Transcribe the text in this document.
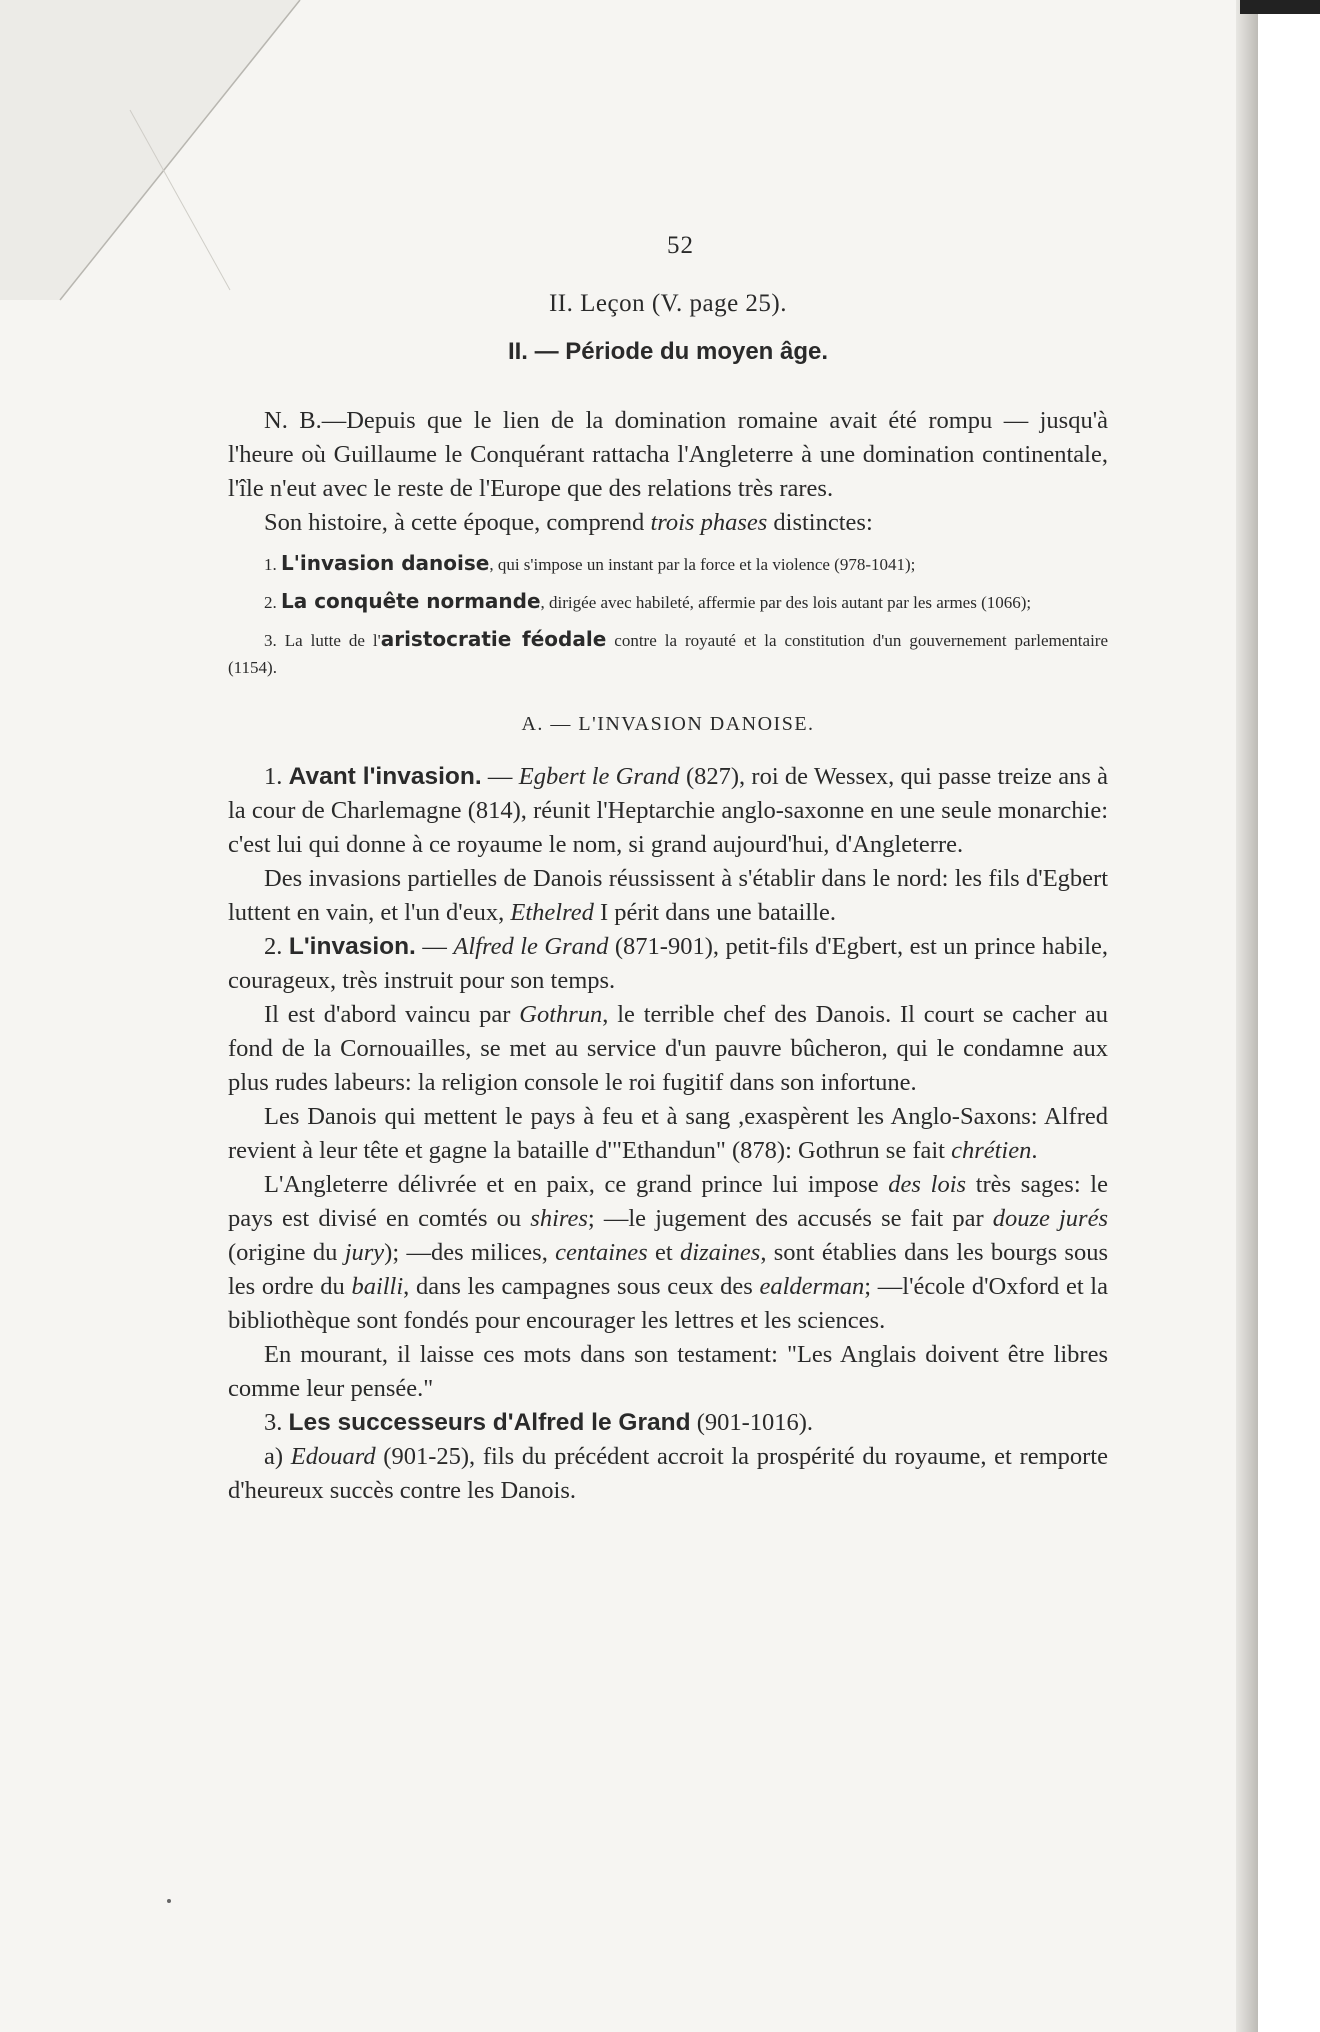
52
II. Leçon (V. page 25).
II. — Période du moyen âge.

N. B.—Depuis que le lien de la domination romaine avait été rompu — jusqu'à l'heure où Guillaume le Conquérant rattacha l'Angleterre à une domination continentale, l'île n'eut avec le reste de l'Europe que des relations très rares.

Son histoire, à cette époque, comprend trois phases distinctes:

1. L'invasion danoise, qui s'impose un instant par la force et la violence (978-1041);
2. La conquête normande, dirigée avec habileté, affermie par des lois autant par les armes (1066);
3. La lutte de l'aristocratie féodale contre la royauté et la constitution d'un gouvernement parlementaire (1154).
A. — L'INVASION DANOISE.

1. Avant l'invasion. — Egbert le Grand (827), roi de Wessex, qui passe treize ans à la cour de Charlemagne (814), réunit l'Heptarchie anglo-saxonne en une seule monarchie: c'est lui qui donne à ce royaume le nom, si grand aujourd'hui, d'Angleterre.

Des invasions partielles de Danois réussissent à s'établir dans le nord: les fils d'Egbert luttent en vain, et l'un d'eux, Ethelred I périt dans une bataille.

2. L'invasion. — Alfred le Grand (871-901), petit-fils d'Egbert, est un prince habile, courageux, très instruit pour son temps.

Il est d'abord vaincu par Gothrun, le terrible chef des Danois. Il court se cacher au fond de la Cornouailles, se met au service d'un pauvre bûcheron, qui le condamne aux plus rudes labeurs: la religion console le roi fugitif dans son infortune.

Les Danois qui mettent le pays à feu et à sang ,exaspèrent les Anglo-Saxons: Alfred revient à leur tête et gagne la bataille d'"Ethandun" (878): Gothrun se fait chrétien.

L'Angleterre délivrée et en paix, ce grand prince lui impose des lois très sages: le pays est divisé en comtés ou shires; —le jugement des accusés se fait par douze jurés (origine du jury); —des milices, centaines et dizaines, sont établies dans les bourgs sous les ordre du bailli, dans les campagnes sous ceux des ealderman; —l'école d'Oxford et la bibliothèque sont fondés pour encourager les lettres et les sciences.

En mourant, il laisse ces mots dans son testament: "Les Anglais doivent être libres comme leur pensée."

3. Les successeurs d'Alfred le Grand (901-1016).

a) Edouard (901-25), fils du précédent accroit la prospérité du royaume, et remporte d'heureux succès contre les Danois.
